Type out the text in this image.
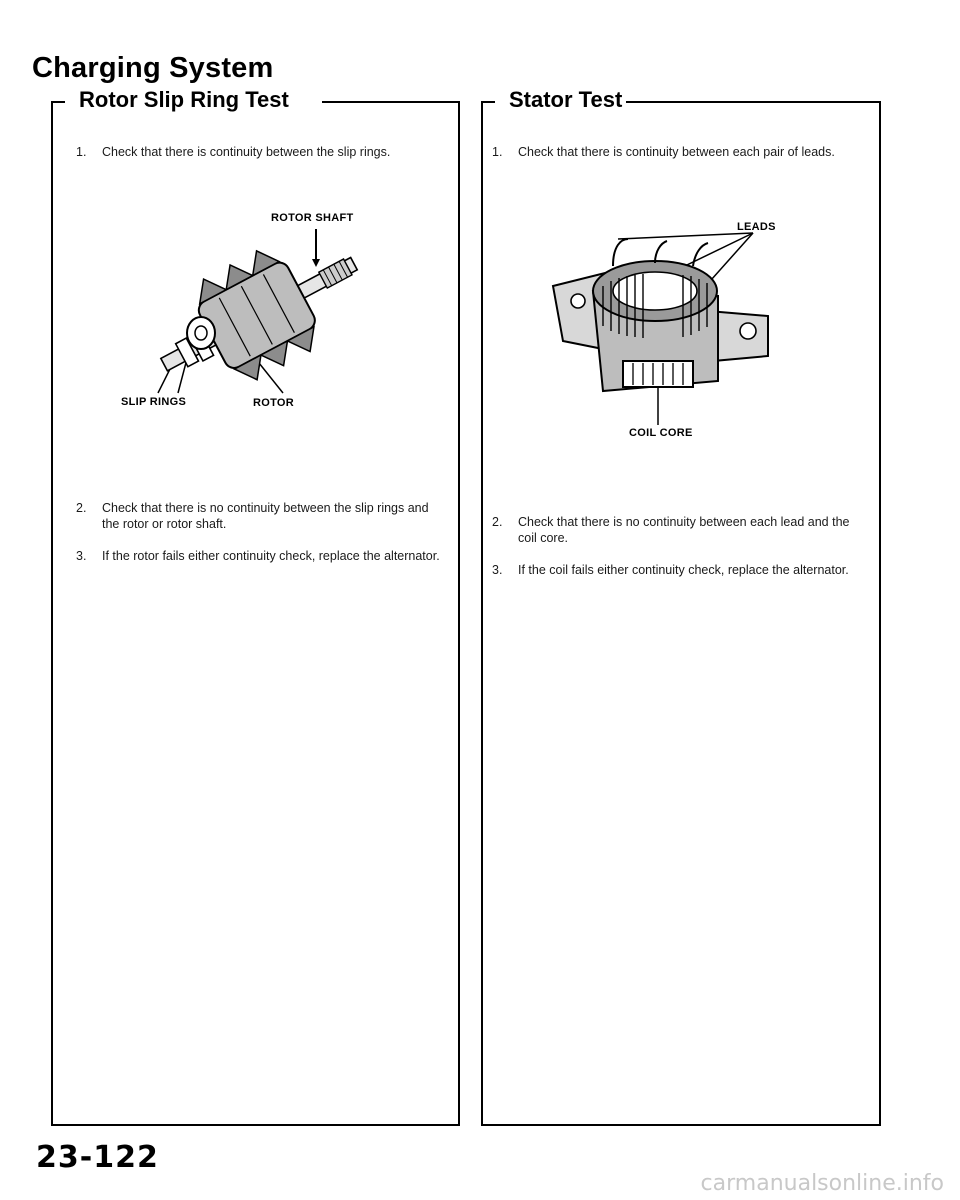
Charging System
Rotor Slip Ring Test
1. Check that there is continuity between the slip rings.
ROTOR SHAFT
SLIP RINGS	ROTOR
2. Check that there is no continuity between the slip rings and the rotor or rotor shaft.
3. If the rotor fails either continuity check, replace the alternator.
Stator Test
1. Check that there is continuity between each pair of leads.
LEADS
COIL CORE
2. Check that there is no continuity between each lead and the coil core.
3. If the coil fails either continuity check, replace the alternator.
23-122
carmanualsonline.info
